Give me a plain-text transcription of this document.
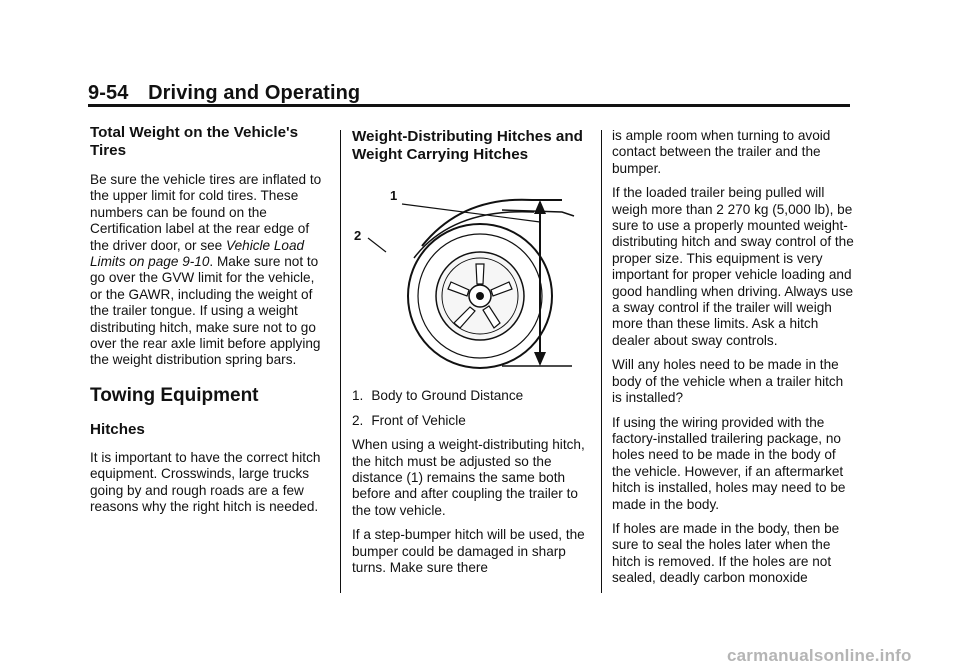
9-54 Driving and Operating
Total Weight on the Vehicle's Tires

Be sure the vehicle tires are inflated to the upper limit for cold tires. These numbers can be found on the Certification label at the rear edge of the driver door, or see Vehicle Load Limits on page 9-10. Make sure not to go over the GVW limit for the vehicle, or the GAWR, including the weight of the trailer tongue. If using a weight distributing hitch, make sure not to go over the rear axle limit before applying the weight distribution spring bars.

Towing Equipment
Hitches

It is important to have the correct hitch equipment. Crosswinds, large trucks going by and rough roads are a few reasons why the right hitch is needed.

Weight-Distributing Hitches and Weight Carrying Hitches
1
2
1. Body to Ground Distance
2. Front of Vehicle

When using a weight-distributing hitch, the hitch must be adjusted so the distance (1) remains the same both before and after coupling the trailer to the tow vehicle.

If a step-bumper hitch will be used, the bumper could be damaged in sharp turns. Make sure there

is ample room when turning to avoid contact between the trailer and the bumper.

If the loaded trailer being pulled will weigh more than 2 270 kg (5,000 lb), be sure to use a properly mounted weight-distributing hitch and sway control of the proper size. This equipment is very important for proper vehicle loading and good handling when driving. Always use a sway control if the trailer will weigh more than these limits. Ask a hitch dealer about sway controls.

Will any holes need to be made in the body of the vehicle when a trailer hitch is installed?

If using the wiring provided with the factory-installed trailering package, no holes need to be made in the body of the vehicle. However, if an aftermarket hitch is installed, holes may need to be made in the body.

If holes are made in the body, then be sure to seal the holes later when the hitch is removed. If the holes are not sealed, deadly carbon monoxide

carmanualsonline.info
